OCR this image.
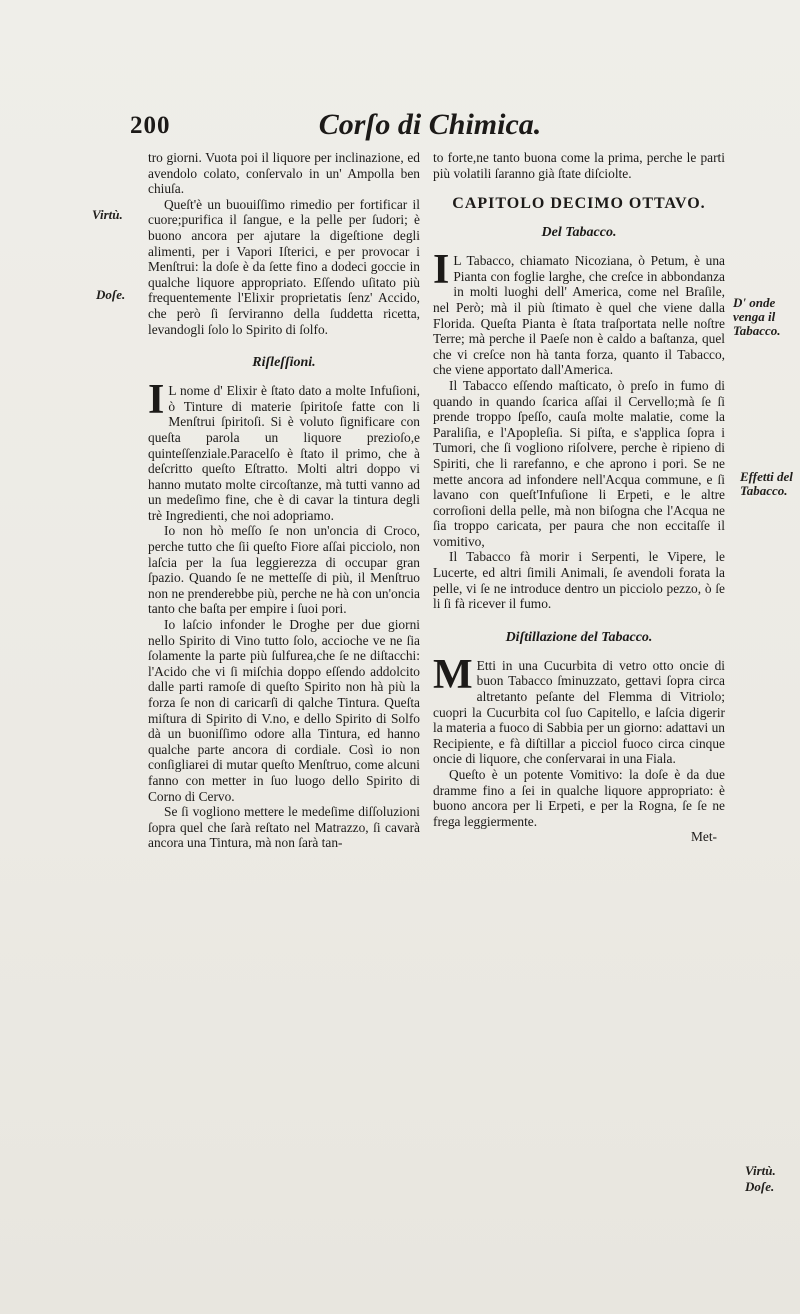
200	Corſo di Chimica.
Virtù.
Doſe.
D' onde venga il Tabacco.
Effetti del Tabacco.
Virtù.
Doſe.

tro giorni. Vuota poi il liquore per inclinazione, ed avendolo colato, conſervalo in un' Ampolla ben chiuſa.

Queſt'è un buouiſſimo rimedio per fortificar il cuore;purifica il ſangue, e la pelle per ſudori; è buono ancora per ajutare la digeſtione degli alimenti, per i Vapori Iſterici, e per provocar i Menſtrui: la doſe è da ſette fino a dodeci goccie in qualche liquore appropriato. Eſſendo uſitato più frequentemente l'Elixir proprietatis ſenz' Accido, che però ſi ſerviranno della ſuddetta ricetta, levandogli ſolo lo Spirito di ſolfo.

Riſleſſioni.
I L nome d' Elixir è ſtato dato a molte Infuſioni, ò Tinture di materie ſpiritoſe fatte con li Menſtrui ſpiritoſi. Si è voluto ſignificare con queſta parola un liquore prezioſo,e quinteſſenziale.Paracelſo è ſtato il primo, che à deſcritto queſto Eſtratto. Molti altri doppo vi hanno mutato molte circoſtanze, mà tutti vanno ad un medeſimo fine, che è di cavar la tintura degli trè Ingredienti, che noi adopriamo.

Io non hò meſſo ſe non un'oncia di Croco, perche tutto che ſii queſto Fiore aſſai picciolo, non laſcia per la ſua leggierezza di occupar gran ſpazio. Quando ſe ne metteſſe di più, il Menſtruo non ne prenderebbe più, perche ne hà con un'oncia tanto che baſta per empire i ſuoi pori.

Io laſcio infonder le Droghe per due giorni nello Spirito di Vino tutto ſolo, accioche ve ne ſia ſolamente la parte più ſulfurea,che ſe ne diſtacchi: l'Acido che vi ſi miſchia doppo eſſendo addolcito dalle parti ramoſe di queſto Spirito non hà più la forza ſe non di caricarſi di qalche Tintura. Queſta miſtura di Spirito di V.no, e dello Spirito di Solfo dà un buoniſſimo odore alla Tintura, ed hanno qualche parte ancora di cordiale. Così io non conſigliarei di mutar queſto Menſtruo, come alcuni fanno con metter in ſuo luogo dello Spirito di Corno di Cervo.

Se ſi vogliono mettere le medeſime diſſoluzioni ſopra quel che ſarà reſtato nel Matrazzo, ſi cavarà ancora una Tintura, mà non ſarà tan-

to forte,ne tanto buona come la prima, perche le parti più volatili ſaranno già ſtate diſciolte.

CAPITOLO DECIMO OTTAVO.
Del Tabacco.
I L Tabacco, chiamato Nicoziana, ò Petum, è una Pianta con foglie larghe, che creſce in abbondanza in molti luoghi dell' America, come nel Braſile, nel Però; mà il più ſtimato è quel che viene dalla Florida. Queſta Pianta è ſtata traſportata nelle noſtre Terre; mà perche il Paeſe non è caldo a baſtanza, quel che vi creſce non hà tanta forza, quanto il Tabacco, che viene apportato dall'America.

Il Tabacco eſſendo maſticato, ò preſo in fumo di quando in quando ſcarica aſſai il Cervello;mà ſe ſi prende troppo ſpeſſo, cauſa molte malatie, come la Paraliſia, e l'Apopleſia. Si piſta, e s'applica ſopra i Tumori, che ſi vogliono riſolvere, perche è ripieno di Spiriti, che li rarefanno, e che aprono i pori. Se ne mette ancora ad infondere nell'Acqua commune, e ſi lavano con queſt'Infuſione li Erpeti, e le altre corroſioni della pelle, mà non biſogna che l'Acqua ne ſia troppo caricata, per paura che non eccitaſſe il vomitivo,

Il Tabacco fà morir i Serpenti, le Vipere, le Lucerte, ed altri ſimili Animali, ſe avendoli forata la pelle, vi ſe ne introduce dentro un picciolo pezzo, ò ſe li ſi fà ricever il fumo.

Diſtillazione del Tabacco.
M Etti in una Cucurbita di vetro otto oncie di buon Tabacco ſminuzzato, gettavi ſopra circa altretanto peſante del Flemma di Vitriolo; cuopri la Cucurbita col ſuo Capitello, e laſcia digerir la materia a fuoco di Sabbia per un giorno: adattavi un Recipiente, e fà diſtillar a picciol fuoco circa cinque oncie di liquore, che conſervarai in una Fiala.

Queſto è un potente Vomitivo: la doſe è da due dramme fino a ſei in qualche liquore appropriato: è buono ancora per li Erpeti, e per la Rogna, ſe ſe ne frega leggiermente.

Met-
